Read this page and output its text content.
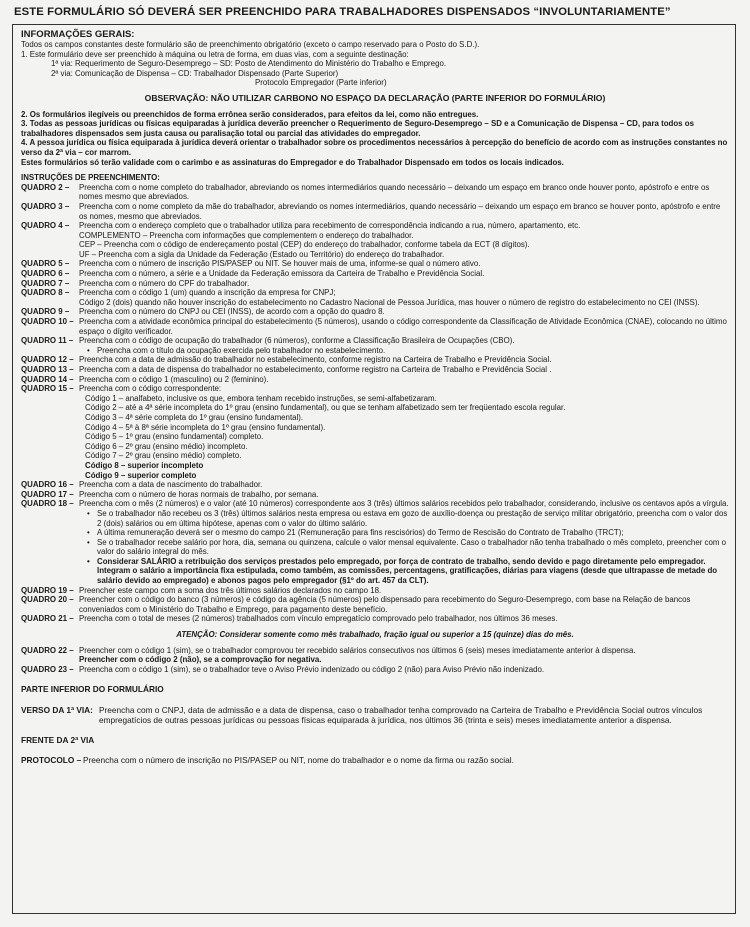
ESTE FORMULÁRIO SÓ DEVERÁ SER PREENCHIDO PARA TRABALHADORES DISPENSADOS “INVOLUNTARIAMENTE”
INFORMAÇÕES GERAIS:
Todos os campos constantes deste formulário são de preenchimento obrigatório (exceto o campo reservado para o Posto do S.D.).
1. Este formulário deve ser preenchido à máquina ou letra de forma, em duas vias, com a seguinte destinação:
1ª via: Requerimento de Seguro-Desemprego – SD: Posto de Atendimento do Ministério do Trabalho e Emprego.
2ª via: Comunicação de Dispensa – CD: Trabalhador Dispensado (Parte Superior)
Protocolo Empregador (Parte inferior)
OBSERVAÇÃO: NÃO UTILIZAR CARBONO NO ESPAÇO DA DECLARAÇÃO (PARTE INFERIOR DO FORMULÁRIO)
2. Os formulários ilegíveis ou preenchidos de forma errônea serão considerados, para efeitos da lei, como não entregues.
3. Todas as pessoas jurídicas ou físicas equiparadas à jurídica deverão preencher o Requerimento de Seguro-Desemprego – SD e a Comunicação de Dispensa – CD, para todos os trabalhadores dispensados sem justa causa ou paralisação total ou parcial das atividades do empregador.
4. A pessoa jurídica ou física equiparada à jurídica deverá orientar o trabalhador sobre os procedimentos necessários à percepção do benefício de acordo com as instruções constantes no verso da 2ª via – cor marrom.
Estes formulários só terão validade com o carimbo e as assinaturas do Empregador e do Trabalhador Dispensado em todos os locais indicados.
INSTRUÇÕES DE PREENCHIMENTO:
QUADRO 2 –	Preencha com o nome completo do trabalhador, abreviando os nomes intermediários quando necessário – deixando um espaço em branco onde houver ponto, apóstrofo e entre os nomes mesmo que abreviados.
QUADRO 3 –	Preencha com o nome completo da mãe do trabalhador, abreviando os nomes intermediários, quando necessário – deixando um espaço em branco se houver ponto, apóstrofo e entre os nomes, mesmo que abreviados.
QUADRO 4 –	Preencha com o endereço completo que o trabalhador utiliza para recebimento de correspondência indicando a rua, número, apartamento, etc.
COMPLEMENTO – Preencha com informações que complementem o endereço do trabalhador.
CEP – Preencha com o código de endereçamento postal (CEP) do endereço do trabalhador, conforme tabela da ECT (8 dígitos).
UF – Preencha com a sigla da Unidade da Federação (Estado ou Território) do endereço do trabalhador.
QUADRO 5 –	Preencha com o número de inscrição PIS/PASEP ou NIT. Se houver mais de uma, informe-se qual o número ativo.
QUADRO 6 –	Preencha com o número, a série e a Unidade da Federação emissora da Carteira de Trabalho e Previdência Social.
QUADRO 7 –	Preencha com o número do CPF do trabalhador.
QUADRO 8 –	Preencha com o código 1 (um) quando a inscrição da empresa for CNPJ;
Código 2 (dois) quando não houver inscrição do estabelecimento no Cadastro Nacional de Pessoa Jurídica, mas houver o número de registro do estabelecimento no CEI (INSS).
QUADRO 9 –	Preencha com o número do CNPJ ou CEI (INSS), de acordo com a opção do quadro 8.
QUADRO 10 – Preencha com a atividade econômica principal do estabelecimento (5 números), usando o código correspondente da Classificação de Atividade Econômica (CNAE), colocando no último espaço o dígito verificador.
QUADRO 11 – Preencha com o código de ocupação do trabalhador (6 números), conforme a Classificação Brasileira de Ocupações (CBO).
• Preencha com o título da ocupação exercida pelo trabalhador no estabelecimento.
QUADRO 12 – Preencha com a data de admissão do trabalhador no estabelecimento, conforme registro na Carteira de Trabalho e Previdência Social.
QUADRO 13 – Preencha com a data de dispensa do trabalhador no estabelecimento, conforme registro na Carteira de Trabalho e Previdência Social .
QUADRO 14 – Preencha com o código 1 (masculino) ou 2 (feminino).
QUADRO 15 – Preencha com o código correspondente:
Código 1 – analfabeto, inclusive os que, embora tenham recebido instruções, se semi-alfabetizaram.
Código 2 – até a 4ª série incompleta do 1º grau (ensino fundamental), ou que se tenham alfabetizado sem ter freqüentado escola regular.
Código 3 – 4ª série completa do 1º grau (ensino fundamental).
Código 4 – 5ª à 8ª série incompleta do 1º grau (ensino fundamental).
Código 5 – 1º grau (ensino fundamental) completo.
Código 6 – 2º grau (ensino médio) incompleto.
Código 7 – 2º grau (ensino médio) completo.
Código 8 – superior incompleto
Código 9 – superior completo
QUADRO 16 – Preencha com a data de nascimento do trabalhador.
QUADRO 17 – Preencha com o número de horas normais de trabalho, por semana.
QUADRO 18 – Preencha com o mês (2 números) e o valor (até 10 números) correspondente aos 3 (três) últimos salários recebidos pelo trabalhador, considerando, inclusive os centavos após a vírgula.
• Se o trabalhador não recebeu os 3 (três) últimos salários nesta empresa ou estava em gozo de auxílio-doença ou prestação de serviço militar obrigatório, preencha com o valor dos 2 (dois) salários ou em última hipótese, apenas com o valor do último salário.
• A última remuneração deverá ser o mesmo do campo 21 (Remuneração para fins rescisórios) do Termo de Rescisão do Contrato de Trabalho (TRCT);
• Se o trabalhador recebe salário por hora, dia, semana ou quinzena, calcule o valor mensal equivalente. Caso o trabalhador não tenha trabalhado o mês completo, preencher com o valor do salário integral do mês.
• Considerar SALÁRIO a retribuição dos serviços prestados pelo empregado, por força de contrato de trabalho, sendo devido e pago diretamente pelo empregador. Integram o salário a importância fixa estipulada, como também, as comissões, percentagens, gratificações, diárias para viagens (desde que ultrapasse de metade do salário devido ao empregado) e abonos pagos pelo empregador (§1º do art. 457 da CLT).
QUADRO 19 – Preencher este campo com a soma dos três últimos salários declarados no campo 18.
QUADRO 20 – Preencher com o código do banco (3 números) e código da agência (5 números) pelo dispensado para recebimento do Seguro-Desemprego, com base na Relação de bancos conveniados com o Ministério do Trabalho e Emprego, para pagamento deste benefício.
QUADRO 21 – Preencha com o total de meses (2 números) trabalhados com vínculo empregatício comprovado pelo trabalhador, nos últimos 36 meses.
ATENÇÃO: Considerar somente como mês trabalhado, fração igual ou superior a 15 (quinze) dias do mês.
QUADRO 22 – Preencher com o código 1 (sim), se o trabalhador comprovou ter recebido salários consecutivos nos últimos 6 (seis) meses imediatamente anterior à dispensa.
Preencher com o código 2 (não), se a comprovação for negativa.
QUADRO 23 – Preencha com o código 1 (sim), se o trabalhador teve o Aviso Prévio indenizado ou código 2 (não) para Aviso Prévio não indenizado.
PARTE INFERIOR DO FORMULÁRIO
VERSO DA 1ª VIA: Preencha com o CNPJ, data de admissão e a data de dispensa, caso o trabalhador tenha comprovado na Carteira de Trabalho e Previdência Social outros vínculos empregatícios de outras pessoas jurídicas ou pessoas físicas equiparada à jurídica, nos últimos 36 (trinta e seis) meses imediatamente anterior a dispensa.
FRENTE DA 2ª VIA
PROTOCOLO – Preencha com o número de inscrição no PIS/PASEP ou NIT, nome do trabalhador e o nome da firma ou razão social.
